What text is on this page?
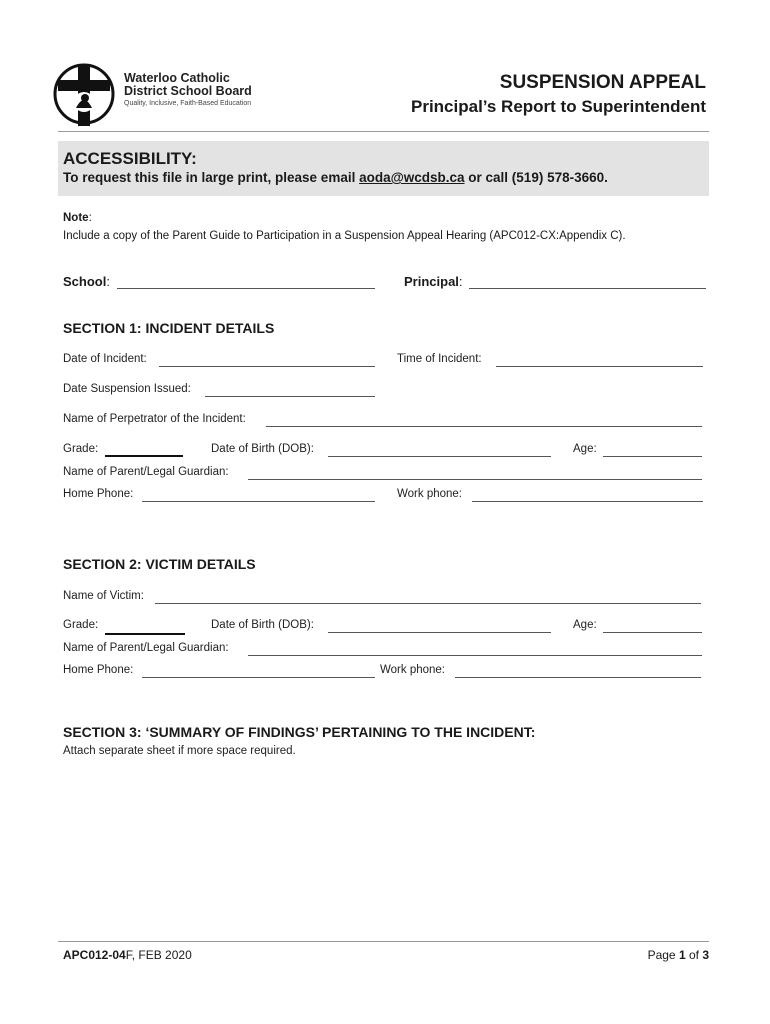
Waterloo Catholic
District School Board
Quality, Inclusive, Faith-Based Education
SUSPENSION APPEAL
Principal’s Report to Superintendent
ACCESSIBILITY:
To request this file in large print, please email aoda@wcdsb.ca or call (519) 578-3660.
Note:
Include a copy of the Parent Guide to Participation in a Suspension Appeal Hearing (APC012-CX:Appendix C).
School:	Principal:
SECTION 1: INCIDENT DETAILS
Date of Incident:	Time of Incident:
Date Suspension Issued:
Name of Perpetrator of the Incident:
Grade:	Date of Birth (DOB):	Age:
Name of Parent/Legal Guardian:
Home Phone:	Work phone:
SECTION 2: VICTIM DETAILS
Name of Victim:
Grade:	Date of Birth (DOB):	Age:
Name of Parent/Legal Guardian:
Home Phone:	Work phone:
SECTION 3: ‘SUMMARY OF FINDINGS’ PERTAINING TO THE INCIDENT:
Attach separate sheet if more space required.
APC012-04F, FEB 2020	Page 1 of 3
